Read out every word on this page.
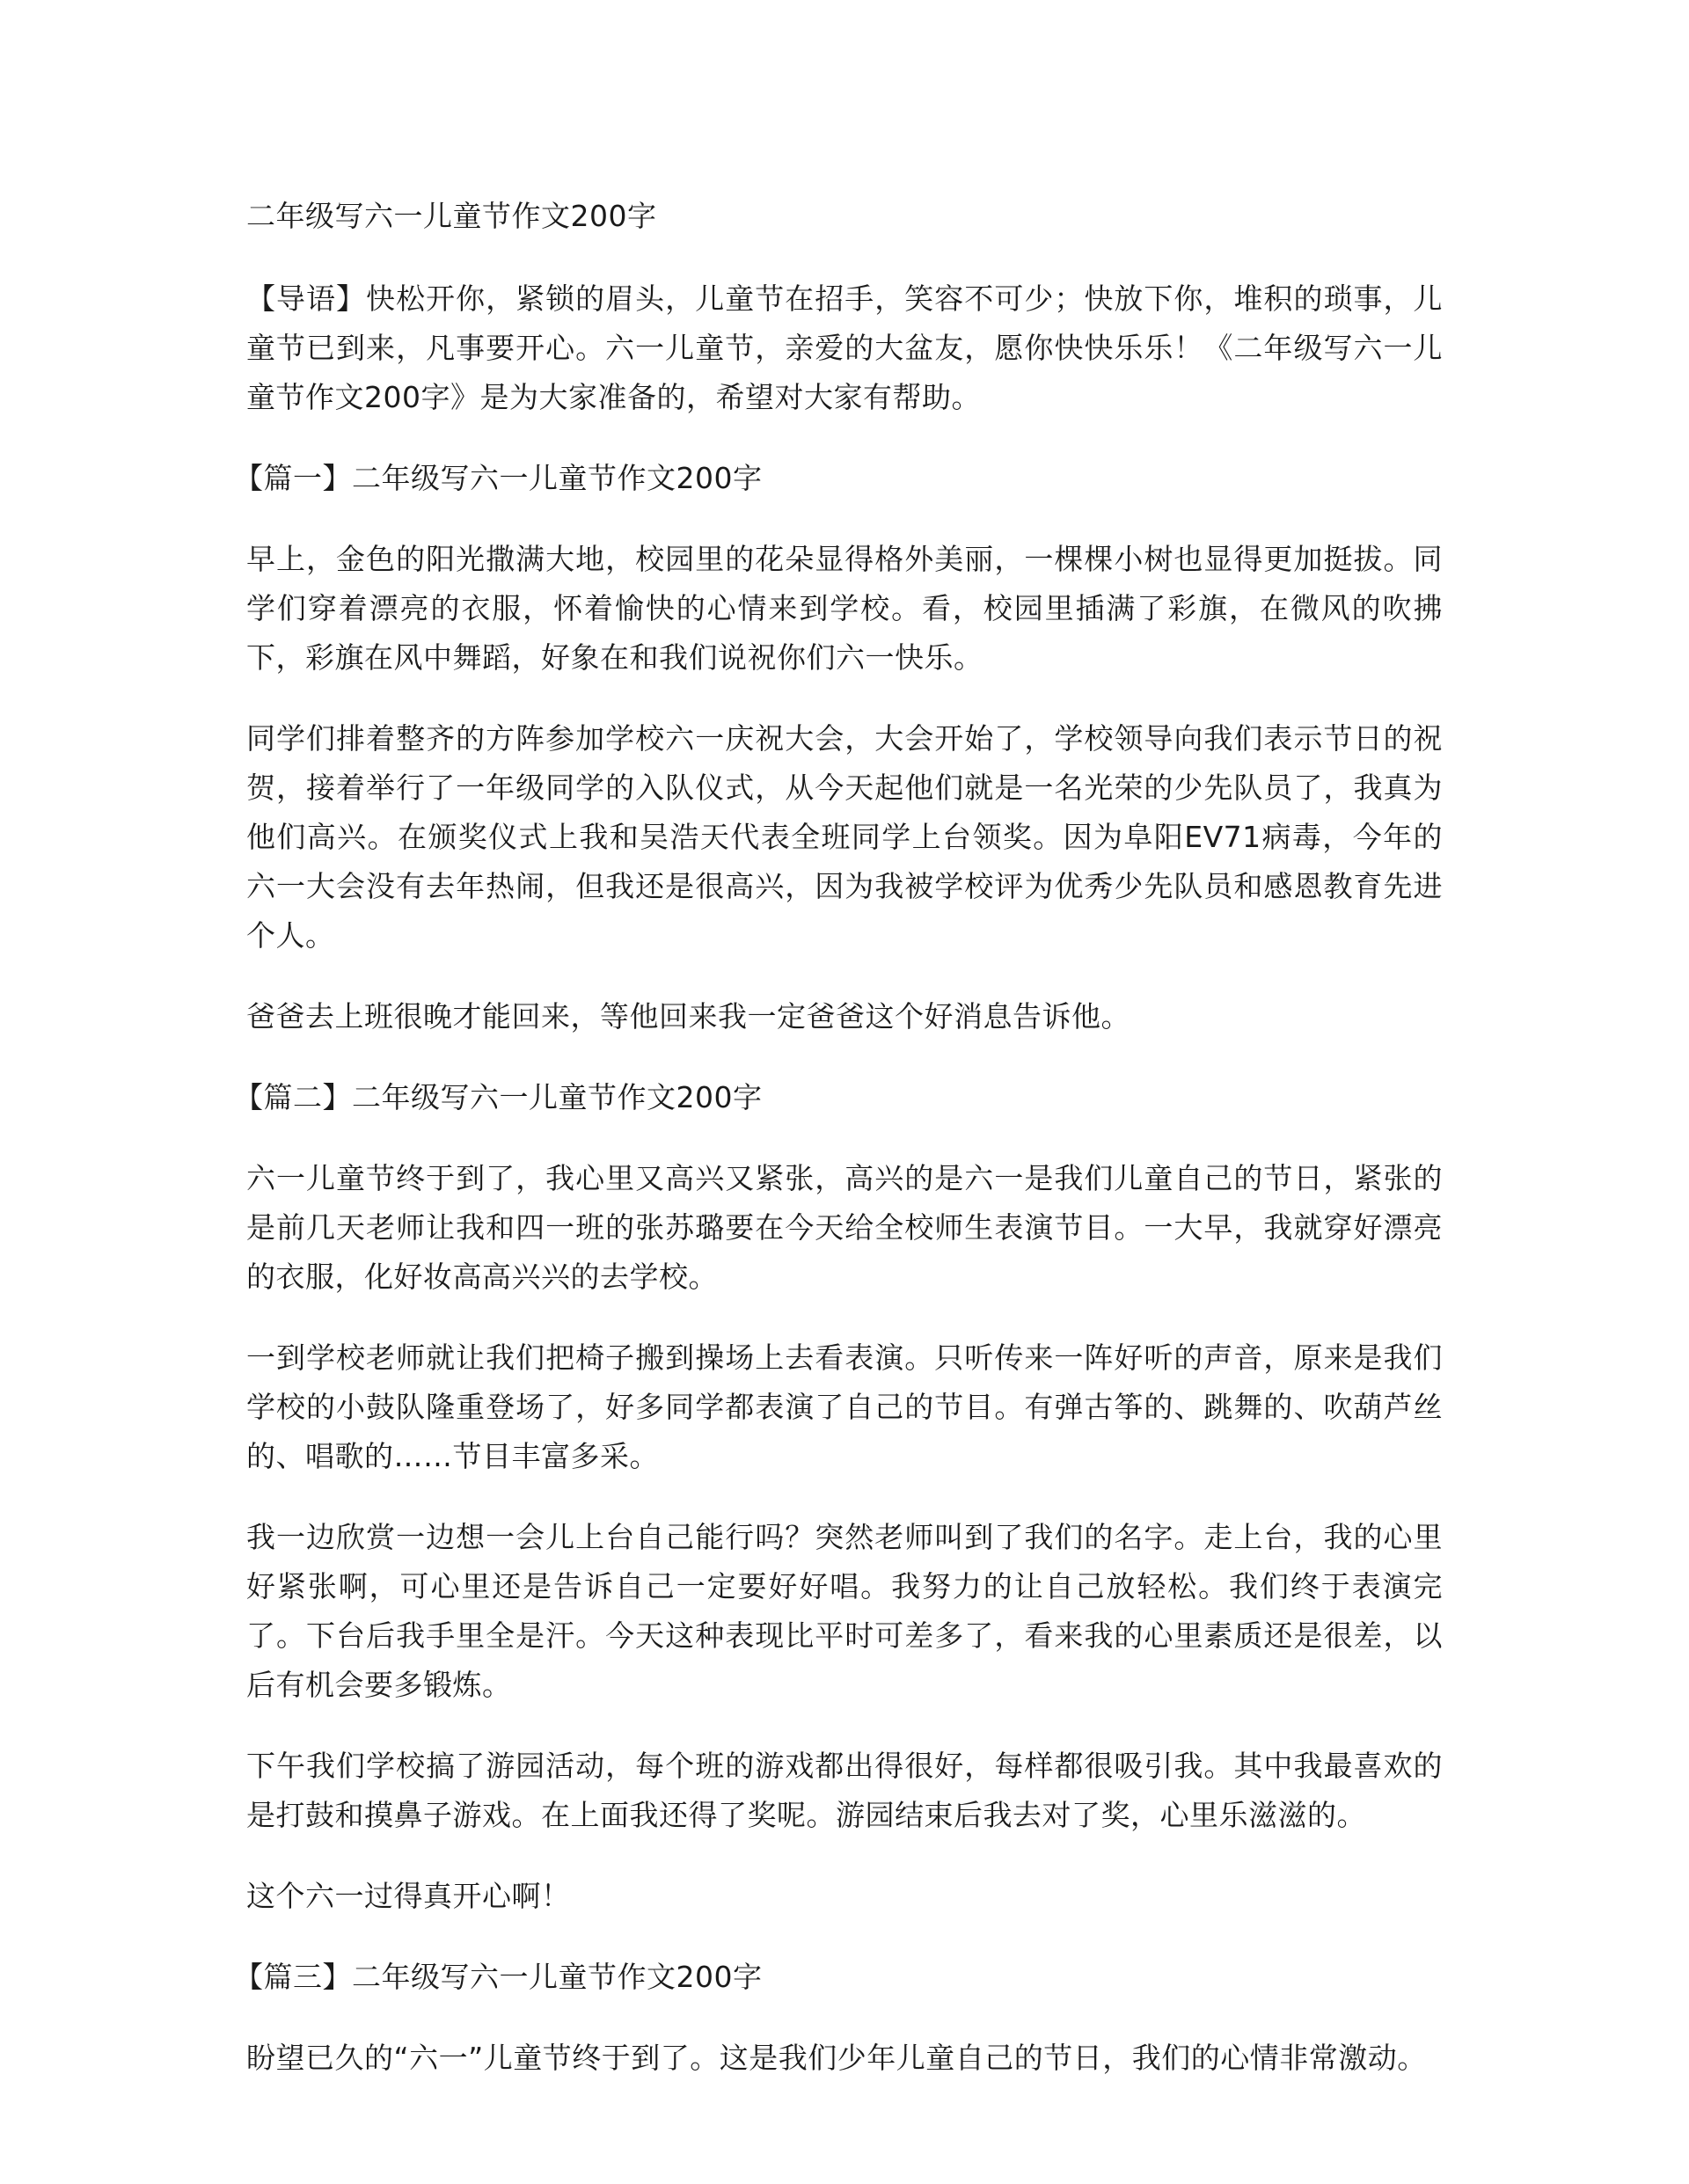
二年级写六一儿童节作文200字

【导语】快松开你，紧锁的眉头，儿童节在招手，笑容不可少；快放下你，堆积的琐事，儿童节已到来，凡事要开心。六一儿童节，亲爱的大盆友，愿你快快乐乐！《二年级写六一儿童节作文200字》是为大家准备的，希望对大家有帮助。

【篇一】二年级写六一儿童节作文200字

早上，金色的阳光撒满大地，校园里的花朵显得格外美丽，一棵棵小树也显得更加挺拔。同学们穿着漂亮的衣服，怀着愉快的心情来到学校。看，校园里插满了彩旗，在微风的吹拂下，彩旗在风中舞蹈，好象在和我们说祝你们六一快乐。

同学们排着整齐的方阵参加学校六一庆祝大会，大会开始了，学校领导向我们表示节日的祝贺，接着举行了一年级同学的入队仪式，从今天起他们就是一名光荣的少先队员了，我真为他们高兴。在颁奖仪式上我和吴浩天代表全班同学上台领奖。因为阜阳EV71病毒，今年的六一大会没有去年热闹，但我还是很高兴，因为我被学校评为优秀少先队员和感恩教育先进个人。

爸爸去上班很晚才能回来，等他回来我一定爸爸这个好消息告诉他。

【篇二】二年级写六一儿童节作文200字

六一儿童节终于到了，我心里又高兴又紧张，高兴的是六一是我们儿童自己的节日，紧张的是前几天老师让我和四一班的张苏璐要在今天给全校师生表演节目。一大早，我就穿好漂亮的衣服，化好妆高高兴兴的去学校。

一到学校老师就让我们把椅子搬到操场上去看表演。只听传来一阵好听的声音，原来是我们学校的小鼓队隆重登场了，好多同学都表演了自己的节目。有弹古筝的、跳舞的、吹葫芦丝的、唱歌的……节目丰富多采。

我一边欣赏一边想一会儿上台自己能行吗？突然老师叫到了我们的名字。走上台，我的心里好紧张啊，可心里还是告诉自己一定要好好唱。我努力的让自己放轻松。我们终于表演完了。下台后我手里全是汗。今天这种表现比平时可差多了，看来我的心里素质还是很差，以后有机会要多锻炼。

下午我们学校搞了游园活动，每个班的游戏都出得很好，每样都很吸引我。其中我最喜欢的是打鼓和摸鼻子游戏。在上面我还得了奖呢。游园结束后我去对了奖，心里乐滋滋的。

这个六一过得真开心啊！

【篇三】二年级写六一儿童节作文200字

盼望已久的“六一”儿童节终于到了。这是我们少年儿童自己的节日，我们的心情非常激动。
